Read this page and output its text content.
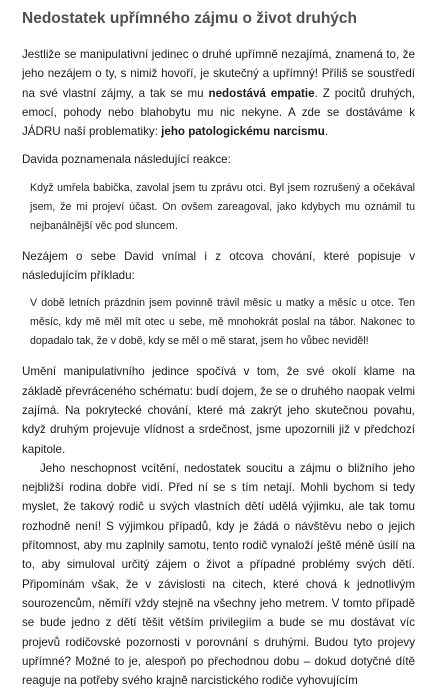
Nedostatek upřímného zájmu o život druhých

Jestliže se manipulativní jedinec o druhé upřímně nezajímá, znamená to, že jeho nezájem o ty, s nimiž hovoří, je skutečný a upřímný! Příliš se soustředí na své vlastní zájmy, a tak se mu nedostává empatie. Z pocitů druhých, emocí, pohody nebo blahobytu mu nic nekyne. A zde se dostáváme k JÁDRU naší problematiky: jeho patologickému narcismu.

Davida poznamenala následující reakce:

Když umřela babička, zavolal jsem tu zprávu otci. Byl jsem rozrušený a očekával jsem, že mi projeví účast. On ovšem zareagoval, jako kdybych mu oznámil tu nejbanálnější věc pod sluncem.

Nezájem o sebe David vnímal i z otcova chování, které popisuje v následujícím příkladu:

V době letních prázdnin jsem povinně trávil měsíc u matky a měsíc u otce. Ten měsíc, kdy mě měl mít otec u sebe, mě mnohokrát poslal na tábor. Nakonec to dopadalo tak, že v době, kdy se měl o mě starat, jsem ho vůbec neviděl!

Umění manipulativního jedince spočívá v tom, že své okolí klame na základě převráceného schématu: budí dojem, že se o druhého naopak velmi zajímá. Na pokrytecké chování, které má zakrýt jeho skutečnou povahu, když druhým projevuje vlídnost a srdečnost, jsme upozornili již v předchozí kapitole.

Jeho neschopnost vcítění, nedostatek soucitu a zájmu o bližního jeho nejbližší rodina dobře vidí. Před ní se s tím netají. Mohli bychom si tedy myslet, že takový rodič u svých vlastních dětí udělá výjimku, ale tak tomu rozhodně není! S výjimkou případů, kdy je žádá o návštěvu nebo o jejich přítomnost, aby mu zaplnily samotu, tento rodič vynaloží ještě méně úsilí na to, aby simuloval určitý zájem o život a případné problémy svých dětí. Připomínám však, že v závislosti na citech, které chová k jednotlivým sourozencům, němíří vždy stejně na všechny jeho metrem. V tomto případě se bude jedno z dětí těšit větším privilegiím a bude se mu dostávat víc projevů rodičovské pozornosti v porovnání s druhými. Budou tyto projevy upřímné? Možné to je, alespoň po přechodnou dobu – dokud dotyčné dítě reaguje na potřeby svého krajně narcistického rodiče vyhovujícím
